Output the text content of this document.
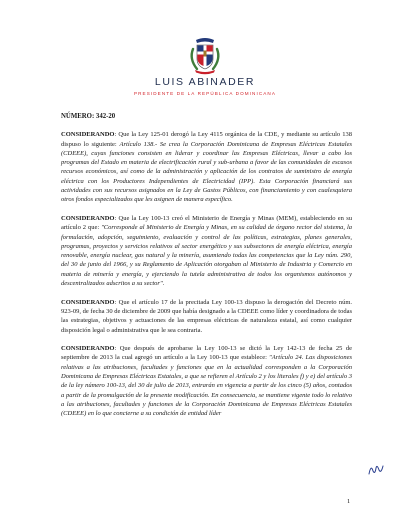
LUIS ABINADER
PRESIDENTE DE LA REPÚBLICA DOMINICANA

NÚMERO: 342-20

CONSIDERANDO: Que la Ley 125-01 derogó la Ley 4115 orgánica de la CDE, y mediante su artículo 138 dispuso lo siguiente: Artículo 138.- Se crea la Corporación Dominicana de Empresas Eléctricas Estatales (CDEEE), cuyas funciones consisten en liderar y coordinar las Empresas Eléctricas, llevar a cabo los programas del Estado en materia de electrificación rural y sub-urbana a favor de las comunidades de escasos recursos económicos, así como de la administración y aplicación de los contratos de suministro de energía eléctrica con los Productores Independientes de Electricidad (IPP). Esta Corporación financiará sus actividades con sus recursos asignados en la Ley de Gastos Públicos, con financiamiento y con cualesquiera otros fondos especializados que les asignen de manera específico.

CONSIDERANDO: Que la Ley 100-13 creó el Ministerio de Energía y Minas (MEM), estableciendo en su artículo 2 que: "Corresponde al Ministerio de Energía y Minas, en su calidad de órgano rector del sistema, la formulación, adopción, seguimiento, evaluación y control de las políticas, estrategias, planes generales, programas, proyectos y servicios relativos al sector energético y sus subsectores de energía eléctrica, energía renovable, energía nuclear, gas natural y la minería, asumiendo todas las competencias que la Ley núm. 290, del 30 de junio del 1966, y su Reglamento de Aplicación otorgaban al Ministerio de Industria y Comercio en materia de minería y energía, y ejerciendo la tutela administrativa de todos los organismos autónomos y descentralizados adscritos a su sector".

CONSIDERANDO: Que el artículo 17 de la precitada Ley 100-13 dispuso la derogación del Decreto núm. 923-09, de fecha 30 de diciembre de 2009 que había designado a la CDEEE como líder y coordinadora de todas las estrategias, objetivos y actuaciones de las empresas eléctricas de naturaleza estatal, así como cualquier disposición legal o administrativa que le sea contraria.

CONSIDERANDO: Que después de aprobarse la Ley 100-13 se dictó la Ley 142-13 de fecha 25 de septiembre de 2013 la cual agregó un artículo a la Ley 100-13 que establece: "Artículo 24. Las disposiciones relativas a las atribuciones, facultades y funciones que en la actualidad corresponden a la Corporación Dominicana de Empresas Eléctricas Estatales, a que se refieren el Artículo 2 y los literales f) y e) del artículo 3 de la ley número 100-13, del 30 de julio de 2013, entrarán en vigencia a partir de los cinco (5) años, contados a partir de la promulgación de la presente modificación. En consecuencia, se mantiene vigente todo lo relativo a las atribuciones, facultades y funciones de la Corporación Dominicana de Empresas Eléctricas Estatales (CDEEE) en lo que concierne a su condición de entidad líder

1
